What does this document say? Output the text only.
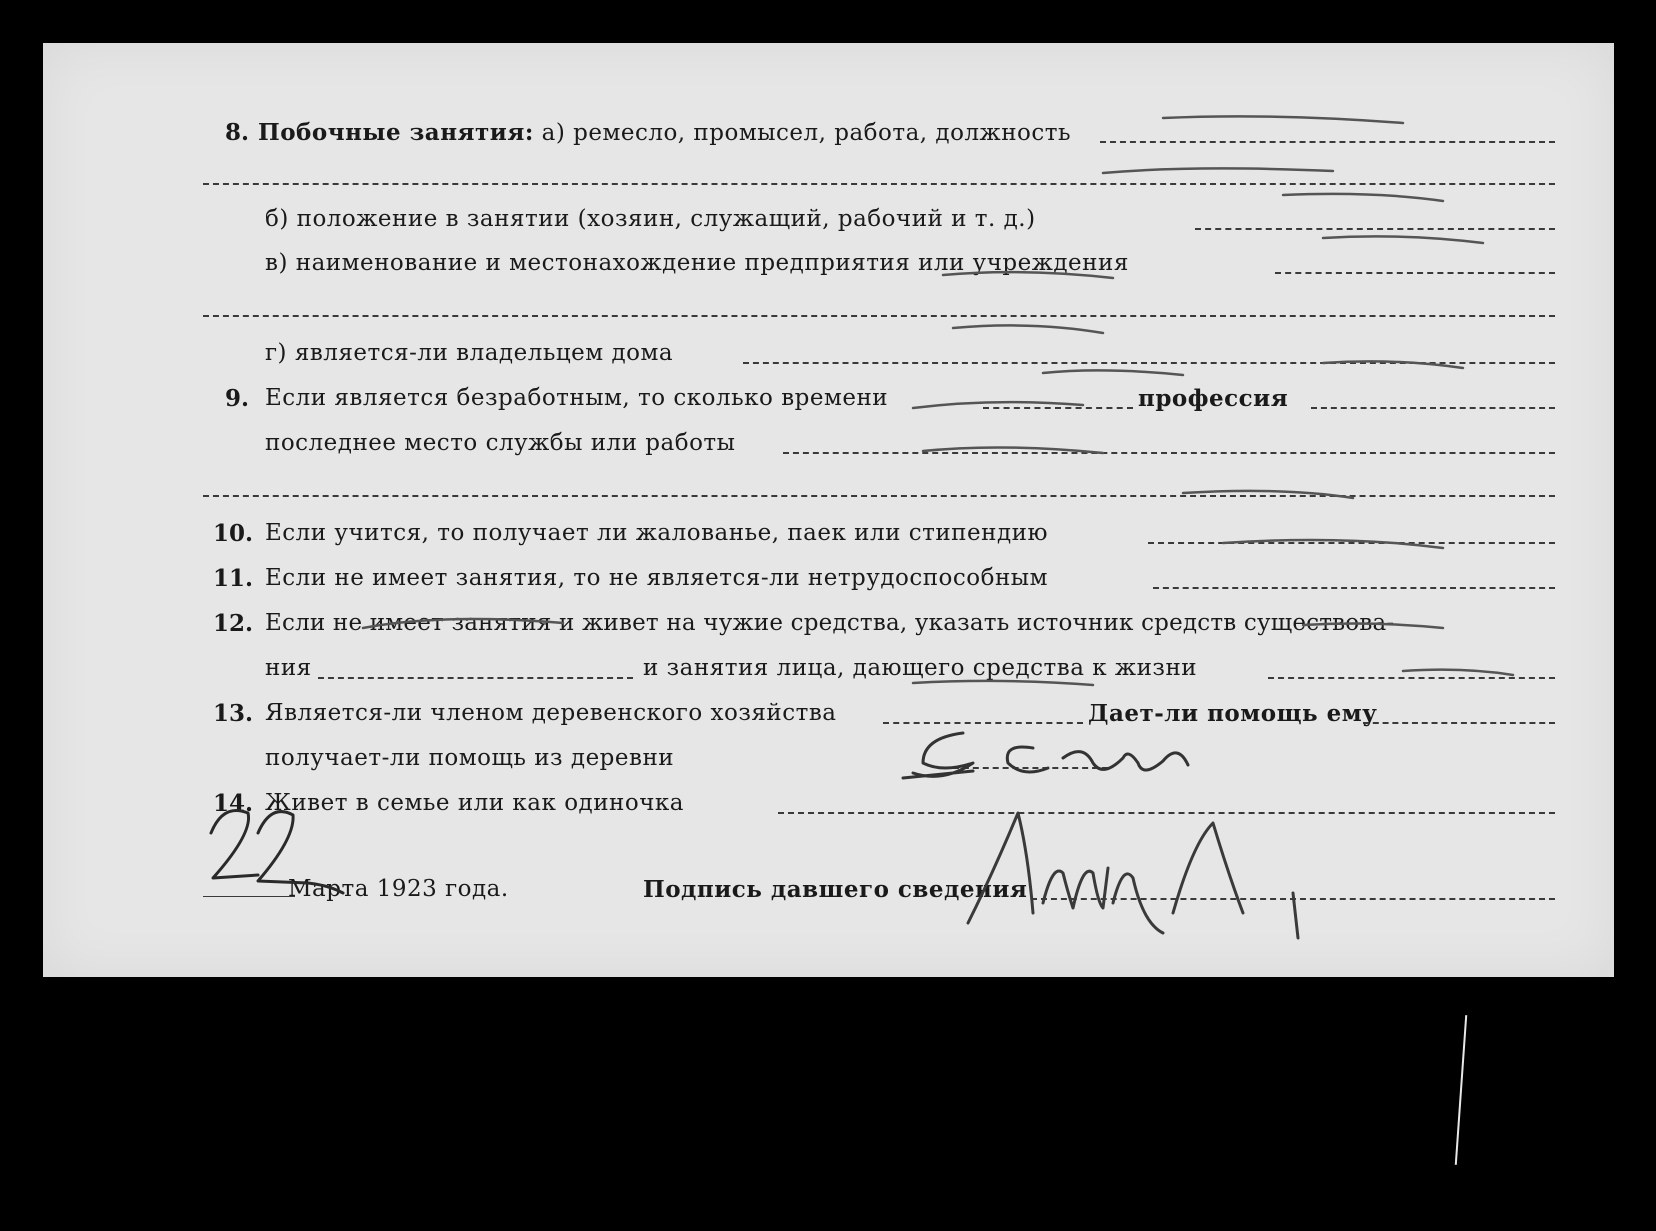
8. Побочные занятия: а) ремесло, промысел, работа, должность
б) положение в занятии (хозяин, служащий, рабочий и т. д.)
в) наименование и местонахождение предприятия или учреждения
г) является-ли владельцем дома
9. Если является безработным, то сколько времени	профессия
последнее место службы или работы
10. Если учится, то получает ли жалованье, паек или стипендию
11. Если не имеет занятия, то не является-ли нетрудоспособным
12. Если не имеет занятия и живет на чужие средства, указать источник средств существова-
ния	и занятия лица, дающего средства к жизни
13. Является-ли членом деревенского хозяйства	Дает-ли помощь ему
получает-ли помощь из деревни
14. Живет в семье или как одиночка
Марта 1923 года.	Подпись давшего сведения
